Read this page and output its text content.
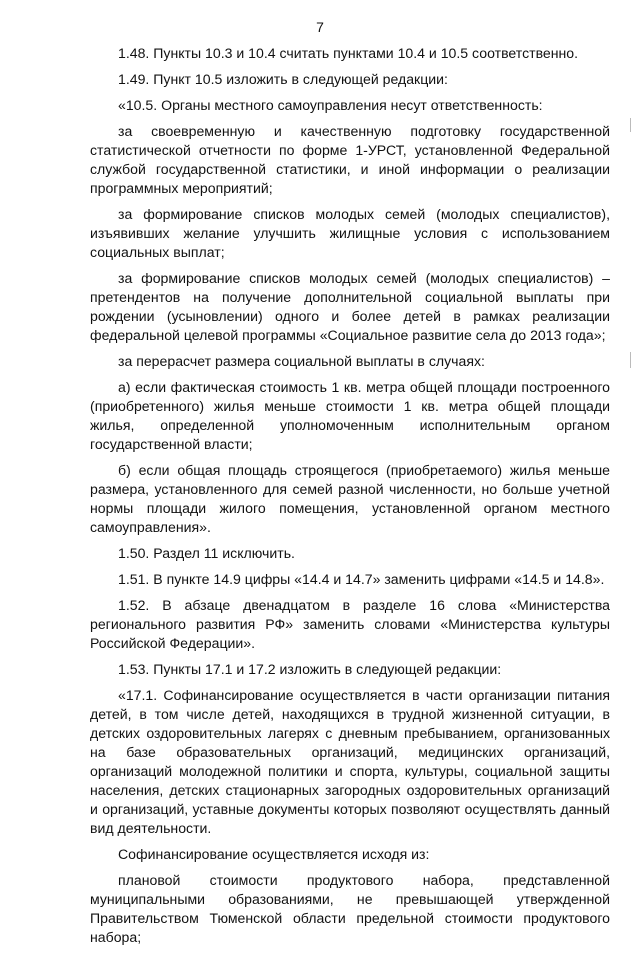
7

1.48. Пункты 10.3 и 10.4 считать пунктами 10.4 и 10.5 соответственно.

1.49. Пункт 10.5 изложить в следующей редакции:

«10.5. Органы местного самоуправления несут ответственность:

за своевременную и качественную подготовку государственной статистической отчетности по форме 1-УРСТ, установленной Федеральной службой государственной статистики, и иной информации о реализации программных мероприятий;

за формирование списков молодых семей (молодых специалистов), изъявивших желание улучшить жилищные условия с использованием социальных выплат;

за формирование списков молодых семей (молодых специалистов) – претендентов на получение дополнительной социальной выплаты при рождении (усыновлении) одного и более детей в рамках реализации федеральной целевой программы «Социальное развитие села до 2013 года»;

за перерасчет размера социальной выплаты в случаях:

а) если фактическая стоимость 1 кв. метра общей площади построенного (приобретенного) жилья меньше стоимости 1 кв. метра общей площади жилья, определенной уполномоченным исполнительным органом государственной власти;

б) если общая площадь строящегося (приобретаемого) жилья меньше размера, установленного для семей разной численности, но больше учетной нормы площади жилого помещения, установленной органом местного самоуправления».

1.50. Раздел 11 исключить.

1.51. В пункте 14.9 цифры «14.4 и 14.7» заменить цифрами «14.5 и 14.8».

1.52. В абзаце двенадцатом в разделе 16 слова «Министерства регионального развития РФ» заменить словами «Министерства культуры Российской Федерации».

1.53. Пункты 17.1 и 17.2 изложить в следующей редакции:

«17.1. Софинансирование осуществляется в части организации питания детей, в том числе детей, находящихся в трудной жизненной ситуации, в детских оздоровительных лагерях с дневным пребыванием, организованных на базе образовательных организаций, медицинских организаций, организаций молодежной политики и спорта, культуры, социальной защиты населения, детских стационарных загородных оздоровительных организаций и организаций, уставные документы которых позволяют осуществлять данный вид деятельности.

Софинансирование осуществляется исходя из:

плановой стоимости продуктового набора, представленной муниципальными образованиями, не превышающей утвержденной Правительством Тюменской области предельной стоимости продуктового набора;
